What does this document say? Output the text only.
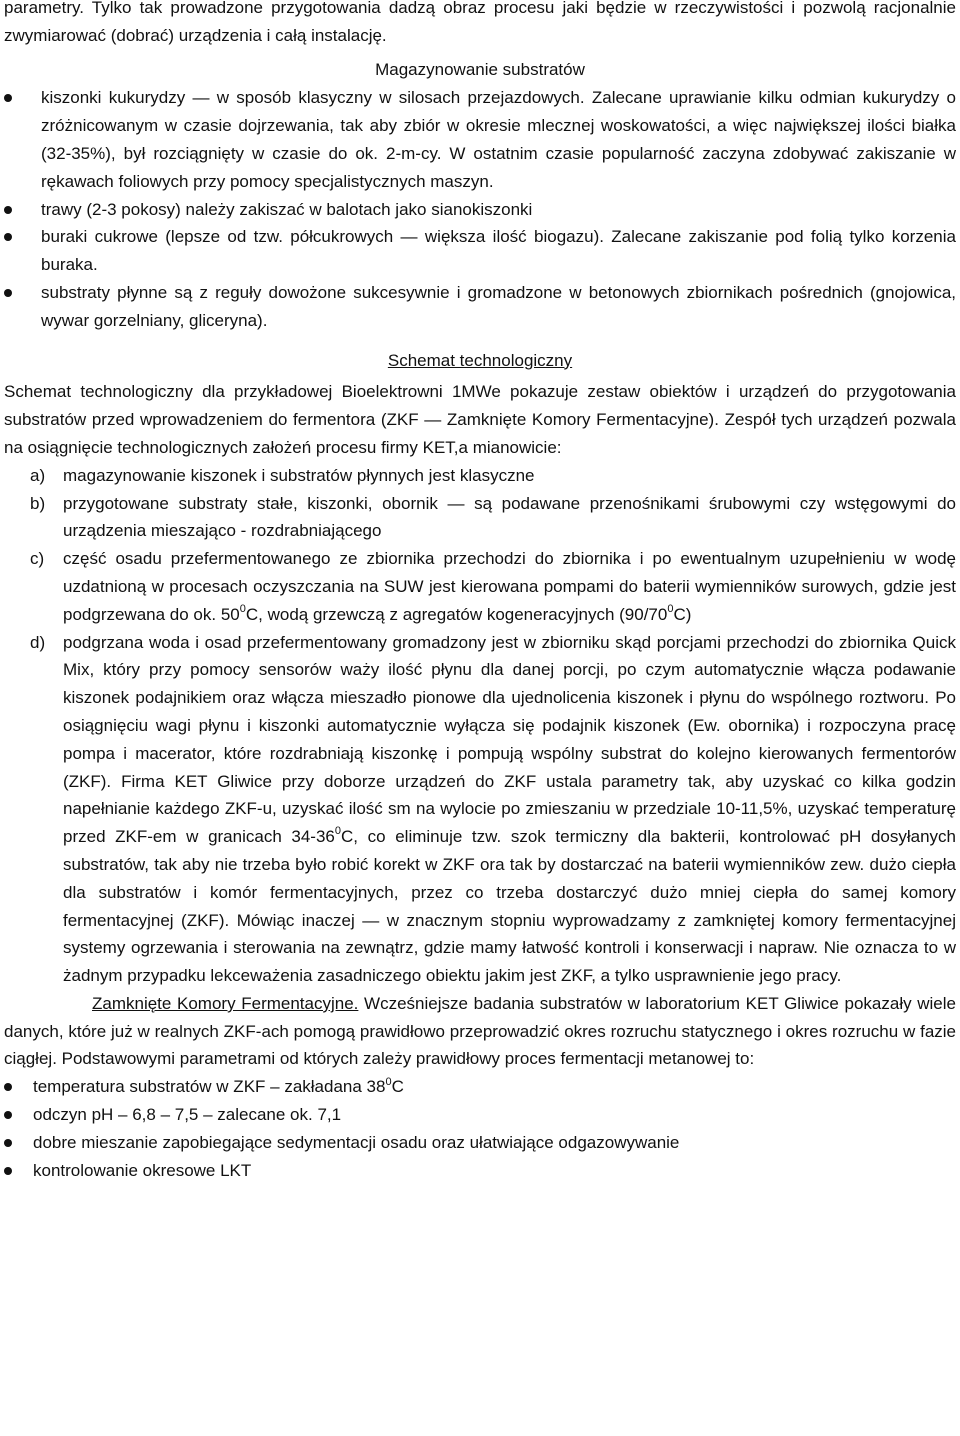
parametry. Tylko tak prowadzone przygotowania dadzą obraz procesu jaki będzie w rzeczywistości i pozwolą racjonalnie zwymiarować (dobrać) urządzenia i całą instalację.

Magazynowanie substratów

kiszonki kukurydzy — w sposób klasyczny w silosach przejazdowych. Zalecane uprawianie kilku odmian kukurydzy o zróżnicowanym w czasie dojrzewania, tak aby zbiór w okresie mlecznej woskowatości, a więc największej ilości białka (32-35%), był rozciągnięty w czasie do ok. 2-m-cy. W ostatnim czasie popularność zaczyna zdobywać zakiszanie w rękawach foliowych przy pomocy specjalistycznych maszyn.
trawy (2-3 pokosy) należy zakiszać w balotach jako sianokiszonki
buraki cukrowe (lepsze od tzw. półcukrowych — większa ilość biogazu). Zalecane zakiszanie pod folią tylko korzenia buraka.
substraty płynne są z reguły dowożone sukcesywnie i gromadzone w betonowych zbiornikach pośrednich (gnojowica, wywar gorzelniany, gliceryna).

Schemat technologiczny

Schemat technologiczny dla przykładowej Bioelektrowni 1MWe pokazuje zestaw obiektów i urządzeń do przygotowania substratów przed wprowadzeniem do fermentora (ZKF — Zamknięte Komory Fermentacyjne). Zespół tych urządzeń pozwala na osiągnięcie technologicznych założeń procesu firmy KET,a mianowicie:

a) magazynowanie kiszonek i substratów płynnych jest klasyczne
b) przygotowane substraty stałe, kiszonki, obornik — są podawane przenośnikami śrubowymi czy wstęgowymi do urządzenia mieszająco - rozdrabniającego
c) część osadu przefermentowanego ze zbiornika przechodzi do zbiornika i po ewentualnym uzupełnieniu w wodę uzdatnioną w procesach oczyszczania na SUW jest kierowana pompami do baterii wymienników surowych, gdzie jest podgrzewana do ok. $50^0C$, wodą grzewczą z agregatów kogeneracyjnych $(90/70^0C)$
d) podgrzana woda i osad przefermentowany gromadzony jest w zbiorniku skąd porcjami przechodzi do zbiornika Quick Mix, który przy pomocy sensorów waży ilość płynu dla danej porcji, po czym automatycznie włącza podawanie kiszonek podajnikiem oraz włącza mieszadło pionowe dla ujednolicenia kiszonek i płynu do wspólnego roztworu. Po osiągnięciu wagi płynu i kiszonki automatycznie wyłącza się podajnik kiszonek (Ew. obornika) i rozpoczyna pracę pompa i macerator, które rozdrabniają kiszonkę i pompują wspólny substrat do kolejno kierowanych fermentorów (ZKF). Firma KET Gliwice przy doborze urządzeń do ZKF ustala parametry tak, aby uzyskać co kilka godzin napełnianie każdego ZKF-u, uzyskać ilość sm na wylocie po zmieszaniu w przedziale 10-11,5%, uzyskać temperaturę przed ZKF-em w granicach $34-36^0C$, co eliminuje tzw. szok termiczny dla bakterii, kontrolować pH dosyłanych substratów, tak aby nie trzeba było robić korekt w ZKF ora tak by dostarczać na baterii wymienników zew. dużo ciepła dla substratów i komór fermentacyjnych, przez co trzeba dostarczyć dużo mniej ciepła do samej komory fermentacyjnej (ZKF). Mówiąc inaczej — w znacznym stopniu wyprowadzamy z zamkniętej komory fermentacyjnej systemy ogrzewania i sterowania na zewnątrz, gdzie mamy łatwość kontroli i konserwacji i napraw. Nie oznacza to w żadnym przypadku lekceważenia zasadniczego obiektu jakim jest ZKF, a tylko usprawnienie jego pracy.

Zamknięte Komory Fermentacyjne. Wcześniejsze badania substratów w laboratorium KET Gliwice pokazały wiele danych, które już w realnych ZKF-ach pomogą prawidłowo przeprowadzić okres rozruchu statycznego i okres rozruchu w fazie ciągłej. Podstawowymi parametrami od których zależy prawidłowy proces fermentacji metanowej to:

temperatura substratów w ZKF – zakładana $38^0C$
odczyn pH – 6,8 – 7,5 – zalecane ok. 7,1
dobre mieszanie zapobiegające sedymentacji osadu oraz ułatwiające odgazowywanie
kontrolowanie okresowe LKT
